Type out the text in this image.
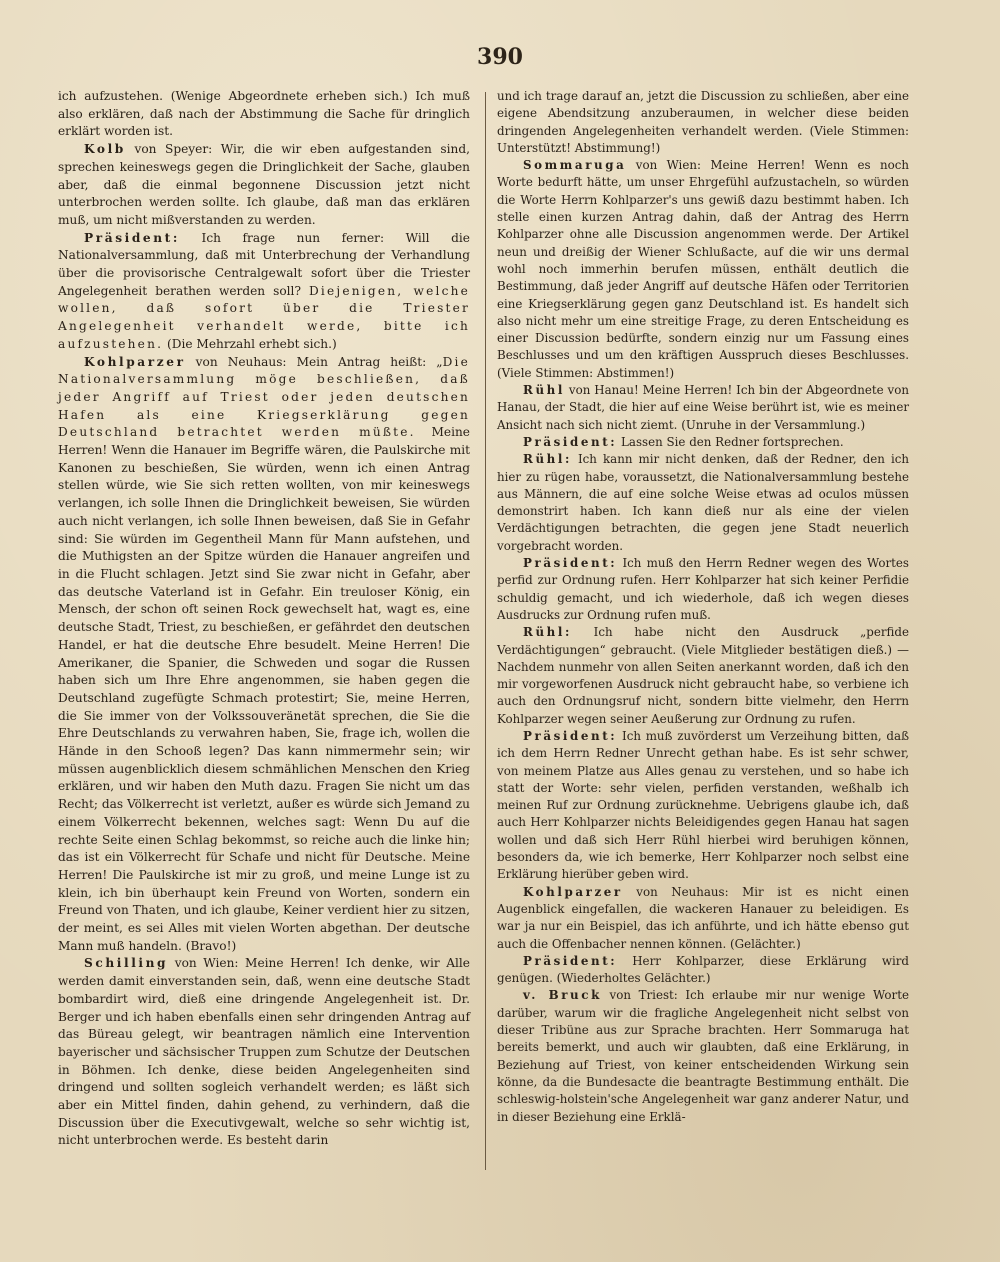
390

ich aufzustehen. (Wenige Abgeordnete erheben sich.) Ich muß also erklären, daß nach der Abstimmung die Sache für dringlich erklärt worden ist.

Kolb von Speyer: Wir, die wir eben aufgestanden sind, sprechen keineswegs gegen die Dringlichkeit der Sache, glauben aber, daß die einmal begonnene Discussion jetzt nicht unterbrochen werden sollte. Ich glaube, daß man das erklären muß, um nicht mißverstanden zu werden.

Präsident: Ich frage nun ferner: Will die Nationalversammlung, daß mit Unterbrechung der Verhandlung über die provisorische Centralgewalt sofort über die Triester Angelegenheit berathen werden soll? Diejenigen, welche wollen, daß sofort über die Triester Angelegenheit verhandelt werde, bitte ich aufzustehen. (Die Mehrzahl erhebt sich.)

Kohlparzer von Neuhaus: Mein Antrag heißt: „Die Nationalversammlung möge beschließen, daß jeder Angriff auf Triest oder jeden deutschen Hafen als eine Kriegserklärung gegen Deutschland betrachtet werden müßte. Meine Herren! Wenn die Hanauer im Begriffe wären, die Paulskirche mit Kanonen zu beschießen, Sie würden, wenn ich einen Antrag stellen würde, wie Sie sich retten wollten, von mir keineswegs verlangen, ich solle Ihnen die Dringlichkeit beweisen, Sie würden auch nicht verlangen, ich solle Ihnen beweisen, daß Sie in Gefahr sind: Sie würden im Gegentheil Mann für Mann aufstehen, und die Muthigsten an der Spitze würden die Hanauer angreifen und in die Flucht schlagen. Jetzt sind Sie zwar nicht in Gefahr, aber das deutsche Vaterland ist in Gefahr. Ein treuloser König, ein Mensch, der schon oft seinen Rock gewechselt hat, wagt es, eine deutsche Stadt, Triest, zu beschießen, er gefährdet den deutschen Handel, er hat die deutsche Ehre besudelt. Meine Herren! Die Amerikaner, die Spanier, die Schweden und sogar die Russen haben sich um Ihre Ehre angenommen, sie haben gegen die Deutschland zugefügte Schmach protestirt; Sie, meine Herren, die Sie immer von der Volkssouveränetät sprechen, die Sie die Ehre Deutschlands zu verwahren haben, Sie, frage ich, wollen die Hände in den Schooß legen? Das kann nimmermehr sein; wir müssen augenblicklich diesem schmählichen Menschen den Krieg erklären, und wir haben den Muth dazu. Fragen Sie nicht um das Recht; das Völkerrecht ist verletzt, außer es würde sich Jemand zu einem Völkerrecht bekennen, welches sagt: Wenn Du auf die rechte Seite einen Schlag bekommst, so reiche auch die linke hin; das ist ein Völkerrecht für Schafe und nicht für Deutsche. Meine Herren! Die Paulskirche ist mir zu groß, und meine Lunge ist zu klein, ich bin überhaupt kein Freund von Worten, sondern ein Freund von Thaten, und ich glaube, Keiner verdient hier zu sitzen, der meint, es sei Alles mit vielen Worten abgethan. Der deutsche Mann muß handeln. (Bravo!)

Schilling von Wien: Meine Herren! Ich denke, wir Alle werden damit einverstanden sein, daß, wenn eine deutsche Stadt bombardirt wird, dieß eine dringende Angelegenheit ist. Dr. Berger und ich haben ebenfalls einen sehr dringenden Antrag auf das Büreau gelegt, wir beantragen nämlich eine Intervention bayerischer und sächsischer Truppen zum Schutze der Deutschen in Böhmen. Ich denke, diese beiden Angelegenheiten sind dringend und sollten sogleich verhandelt werden; es läßt sich aber ein Mittel finden, dahin gehend, zu verhindern, daß die Discussion über die Executivgewalt, welche so sehr wichtig ist, nicht unterbrochen werde. Es besteht darin

und ich trage darauf an, jetzt die Discussion zu schließen, aber eine eigene Abendsitzung anzuberaumen, in welcher diese beiden dringenden Angelegenheiten verhandelt werden. (Viele Stimmen: Unterstützt! Abstimmung!)

Sommaruga von Wien: Meine Herren! Wenn es noch Worte bedurft hätte, um unser Ehrgefühl aufzustacheln, so würden die Worte Herrn Kohlparzer's uns gewiß dazu bestimmt haben. Ich stelle einen kurzen Antrag dahin, daß der Antrag des Herrn Kohlparzer ohne alle Discussion angenommen werde. Der Artikel neun und dreißig der Wiener Schlußacte, auf die wir uns dermal wohl noch immerhin berufen müssen, enthält deutlich die Bestimmung, daß jeder Angriff auf deutsche Häfen oder Territorien eine Kriegserklärung gegen ganz Deutschland ist. Es handelt sich also nicht mehr um eine streitige Frage, zu deren Entscheidung es einer Discussion bedürfte, sondern einzig nur um Fassung eines Beschlusses und um den kräftigen Ausspruch dieses Beschlusses. (Viele Stimmen: Abstimmen!)

Rühl von Hanau! Meine Herren! Ich bin der Abgeordnete von Hanau, der Stadt, die hier auf eine Weise berührt ist, wie es meiner Ansicht nach sich nicht ziemt. (Unruhe in der Versammlung.)

Präsident: Lassen Sie den Redner fortsprechen.

Rühl: Ich kann mir nicht denken, daß der Redner, den ich hier zu rügen habe, voraussetzt, die Nationalversammlung bestehe aus Männern, die auf eine solche Weise etwas ad oculos müssen demonstrirt haben. Ich kann dieß nur als eine der vielen Verdächtigungen betrachten, die gegen jene Stadt neuerlich vorgebracht worden.

Präsident: Ich muß den Herrn Redner wegen des Wortes perfid zur Ordnung rufen. Herr Kohlparzer hat sich keiner Perfidie schuldig gemacht, und ich wiederhole, daß ich wegen dieses Ausdrucks zur Ordnung rufen muß.

Rühl: Ich habe nicht den Ausdruck „perfide Verdächtigungen“ gebraucht. (Viele Mitglieder bestätigen dieß.) — Nachdem nunmehr von allen Seiten anerkannt worden, daß ich den mir vorgeworfenen Ausdruck nicht gebraucht habe, so verbiene ich auch den Ordnungsruf nicht, sondern bitte vielmehr, den Herrn Kohlparzer wegen seiner Aeußerung zur Ordnung zu rufen.

Präsident: Ich muß zuvörderst um Verzeihung bitten, daß ich dem Herrn Redner Unrecht gethan habe. Es ist sehr schwer, von meinem Platze aus Alles genau zu verstehen, und so habe ich statt der Worte: sehr vielen, perfiden verstanden, weßhalb ich meinen Ruf zur Ordnung zurücknehme. Uebrigens glaube ich, daß auch Herr Kohlparzer nichts Beleidigendes gegen Hanau hat sagen wollen und daß sich Herr Rühl hierbei wird beruhigen können, besonders da, wie ich bemerke, Herr Kohlparzer noch selbst eine Erklärung hierüber geben wird.

Kohlparzer von Neuhaus: Mir ist es nicht einen Augenblick eingefallen, die wackeren Hanauer zu beleidigen. Es war ja nur ein Beispiel, das ich anführte, und ich hätte ebenso gut auch die Offenbacher nennen können. (Gelächter.)

Präsident: Herr Kohlparzer, diese Erklärung wird genügen. (Wiederholtes Gelächter.)

v. Bruck von Triest: Ich erlaube mir nur wenige Worte darüber, warum wir die fragliche Angelegenheit nicht selbst von dieser Tribüne aus zur Sprache brachten. Herr Sommaruga hat bereits bemerkt, und auch wir glaubten, daß eine Erklärung, in Beziehung auf Triest, von keiner entscheidenden Wirkung sein könne, da die Bundesacte die beantragte Bestimmung enthält. Die schleswig-holstein'sche Angelegenheit war ganz anderer Natur, und in dieser Beziehung eine Erklä-
